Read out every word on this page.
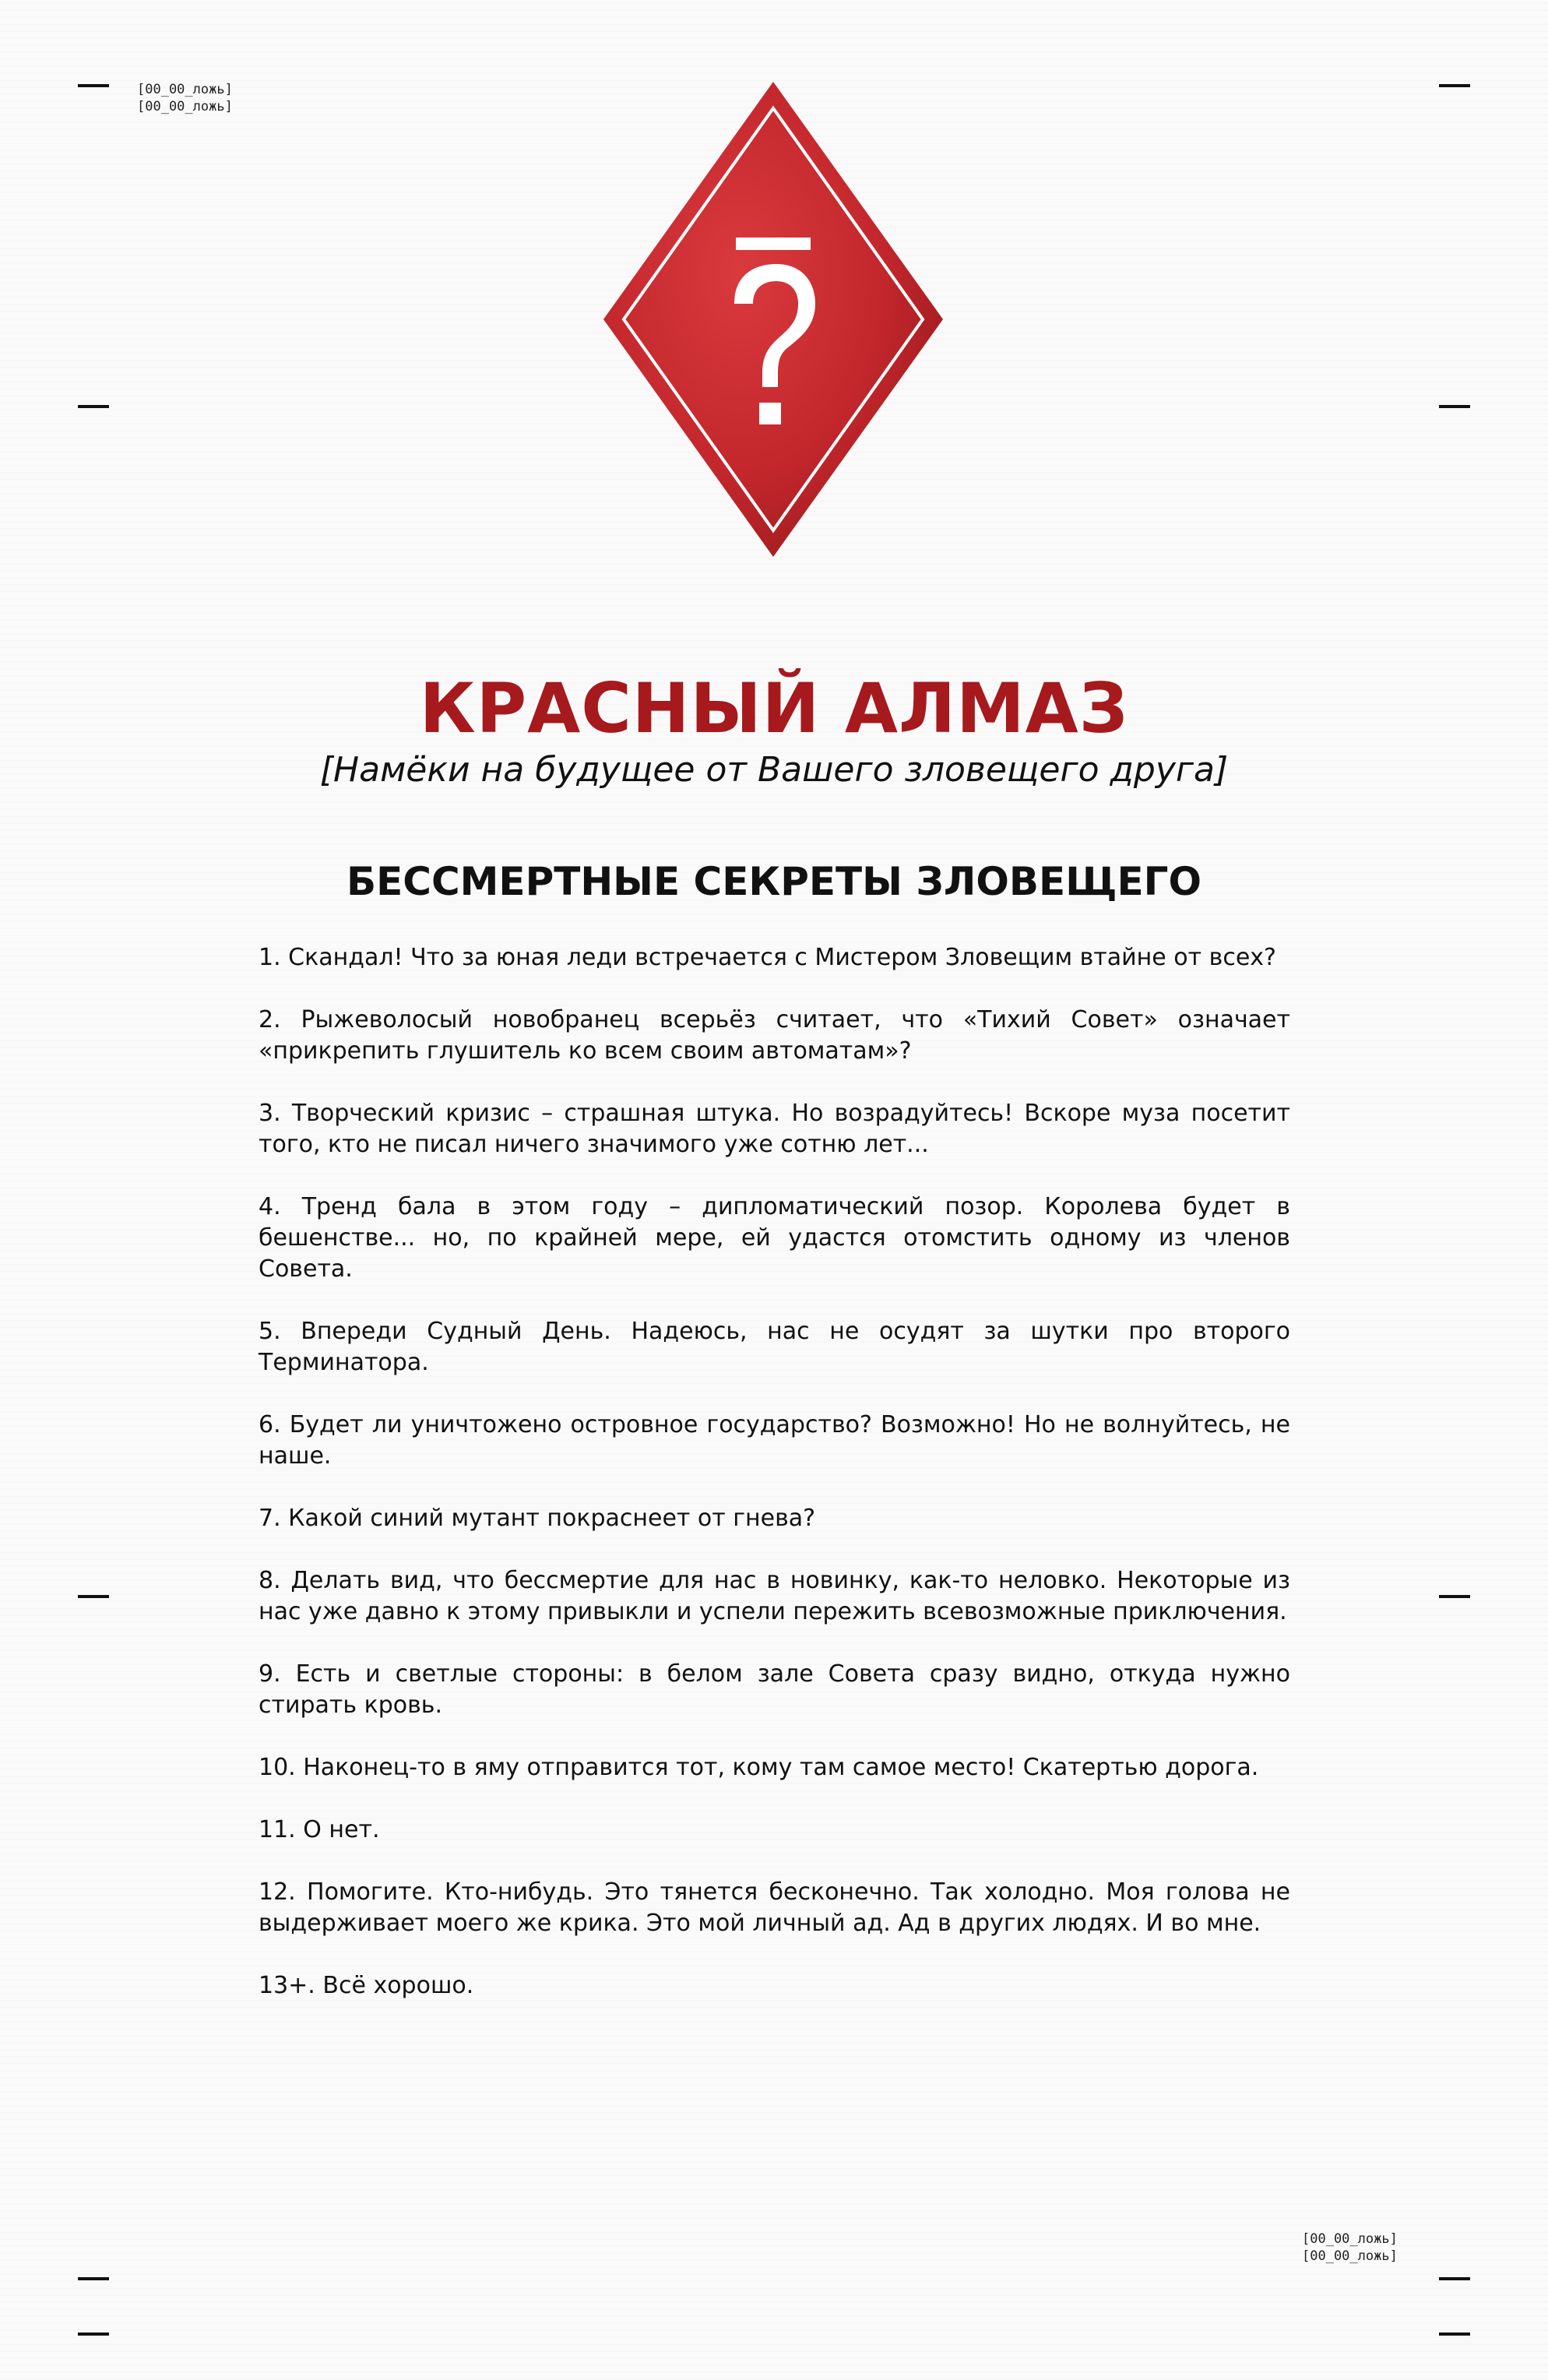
[00_00_ложь]
[00_00_ложь]
[00_00_ложь]
[00_00_ложь]
КРАСНЫЙ АЛМАЗ
[Намёки на будущее от Вашего зловещего друга]
БЕССМЕРТНЫЕ СЕКРЕТЫ ЗЛОВЕЩЕГО
1. Скандал! Что за юная леди встречается с Мистером Зловещим втайне от всех?
2. Рыжеволосый новобранец всерьёз считает, что «Тихий Совет» означает «прикрепить глушитель ко всем своим автоматам»?
3. Творческий кризис – страшная штука. Но возрадуйтесь! Вскоре муза посетит того, кто не писал ничего значимого уже сотню лет...
4. Тренд бала в этом году – дипломатический позор. Королева будет в бешенстве... но, по крайней мере, ей удастся отомстить одному из членов Совета.
5. Впереди Судный День. Надеюсь, нас не осудят за шутки про второго Терминатора.
6. Будет ли уничтожено островное государство? Возможно! Но не волнуйтесь, не наше.
7. Какой синий мутант покраснеет от гнева?
8. Делать вид, что бессмертие для нас в новинку, как-то неловко. Некоторые из нас уже давно к этому привыкли и успели пережить всевозможные приключения.
9. Есть и светлые стороны: в белом зале Совета сразу видно, откуда нужно стирать кровь.
10. Наконец-то в яму отправится тот, кому там самое место! Скатертью дорога.
11. О нет.
12. Помогите. Кто-нибудь. Это тянется бесконечно. Так холодно. Моя голова не выдерживает моего же крика. Это мой личный ад. Ад в других людях. И во мне.
13+. Всё хорошо.
